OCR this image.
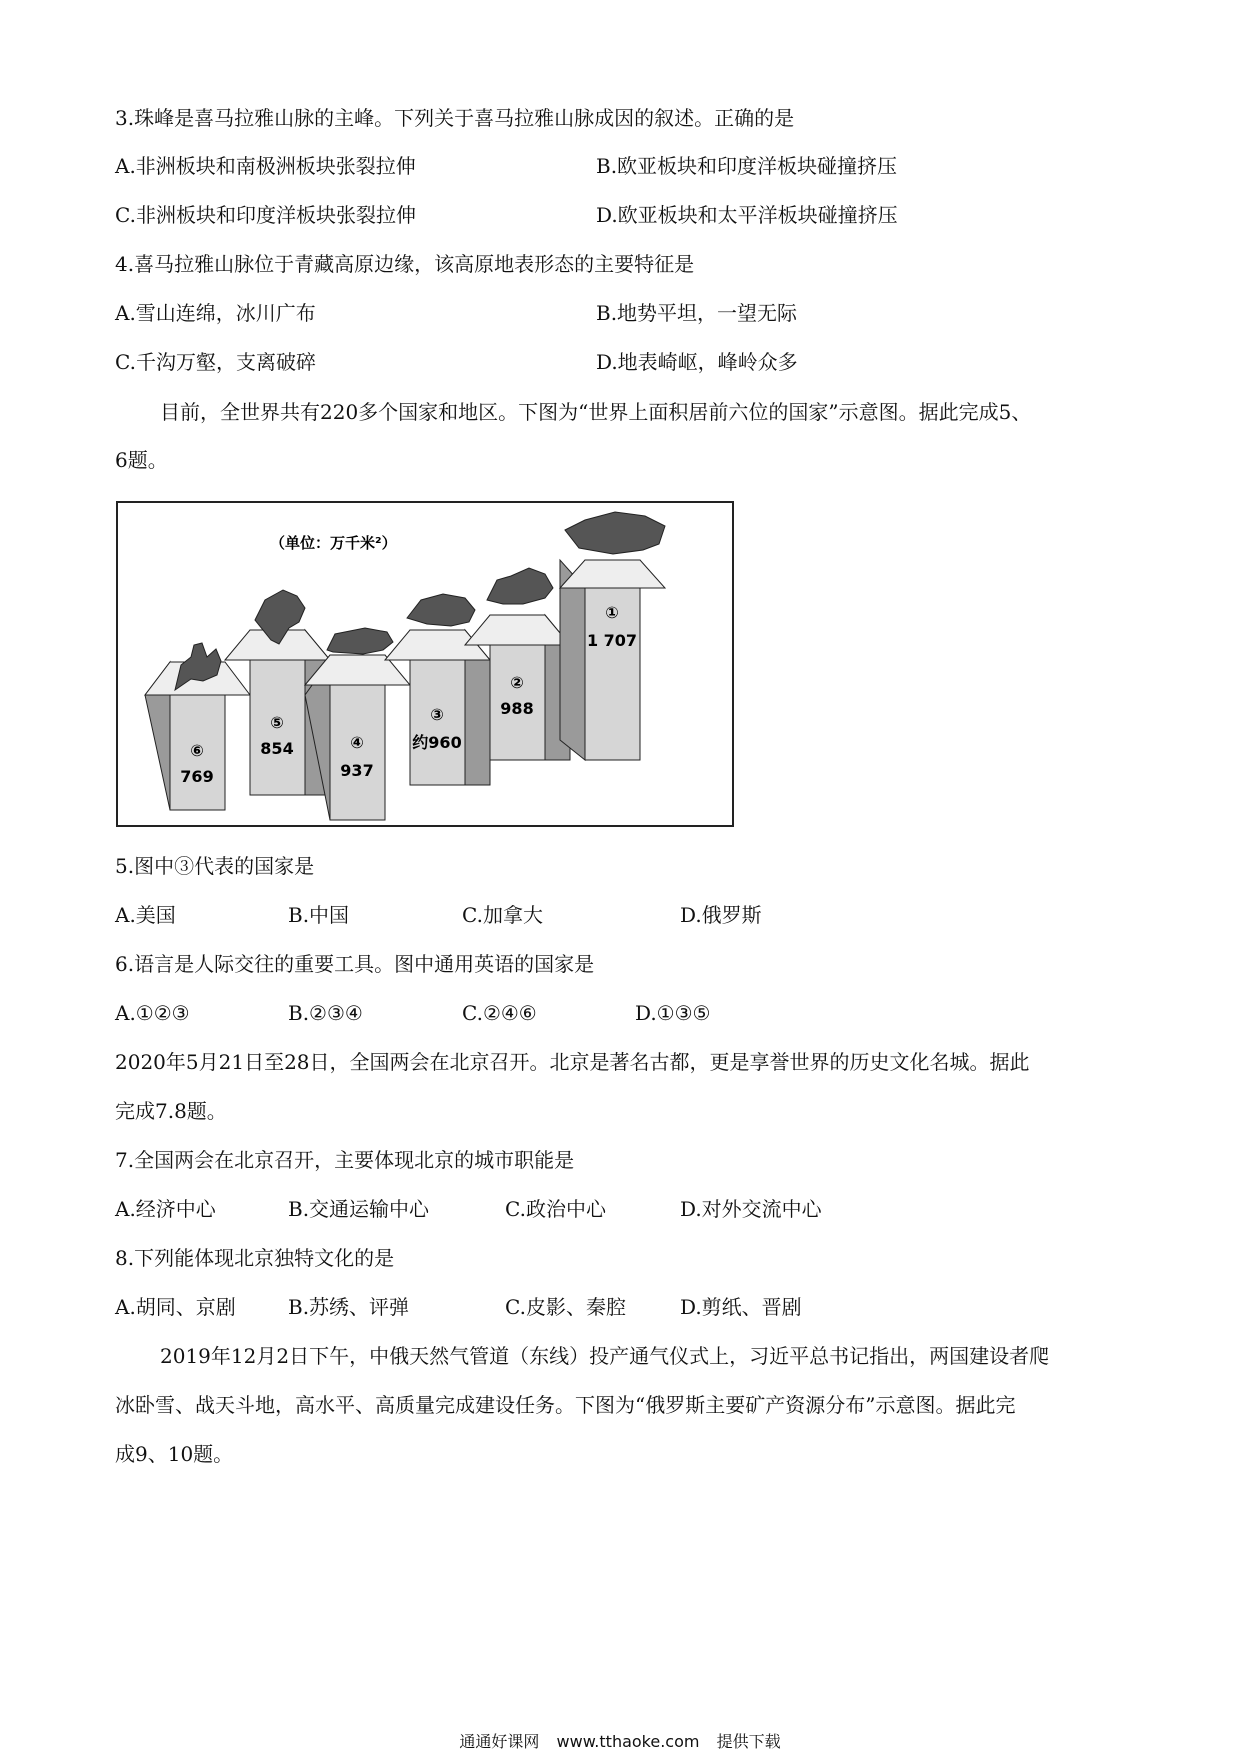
3.珠峰是喜马拉雅山脉的主峰。下列关于喜马拉雅山脉成因的叙述。正确的是
A.非洲板块和南极洲板块张裂拉伸	B.欧亚板块和印度洋板块碰撞挤压
C.非洲板块和印度洋板块张裂拉伸	D.欧亚板块和太平洋板块碰撞挤压
4.喜马拉雅山脉位于青藏高原边缘，该高原地表形态的主要特征是
A.雪山连绵，冰川广布	B.地势平坦，一望无际
C.千沟万壑，支离破碎	D.地表崎岖，峰岭众多
目前，全世界共有220多个国家和地区。下图为“世界上面积居前六位的国家”示意图。据此完成5、
6题。
（单位：万千米²）
⑥
769
⑤
854	④
937
③
约960
②
988
①
1 707
5.图中③代表的国家是
A.美国	B.中国	C.加拿大	D.俄罗斯
6.语言是人际交往的重要工具。图中通用英语的国家是
A.①②③	B.②③④	C.②④⑥	D.①③⑤
2020年5月21日至28日，全国两会在北京召开。北京是著名古都，更是享誉世界的历史文化名城。据此
完成7.8题。
7.全国两会在北京召开，主要体现北京的城市职能是
A.经济中心	B.交通运输中心	C.政治中心	D.对外交流中心
8.下列能体现北京独特文化的是
A.胡同、京剧	B.苏绣、评弹	C.皮影、秦腔	D.剪纸、晋剧
2019年12月2日下午，中俄天然气管道（东线）投产通气仪式上，习近平总书记指出，两国建设者爬
冰卧雪、战天斗地，高水平、高质量完成建设任务。下图为“俄罗斯主要矿产资源分布”示意图。据此完
成9、10题。
通通好课网 www.tthaoke.com 提供下载
